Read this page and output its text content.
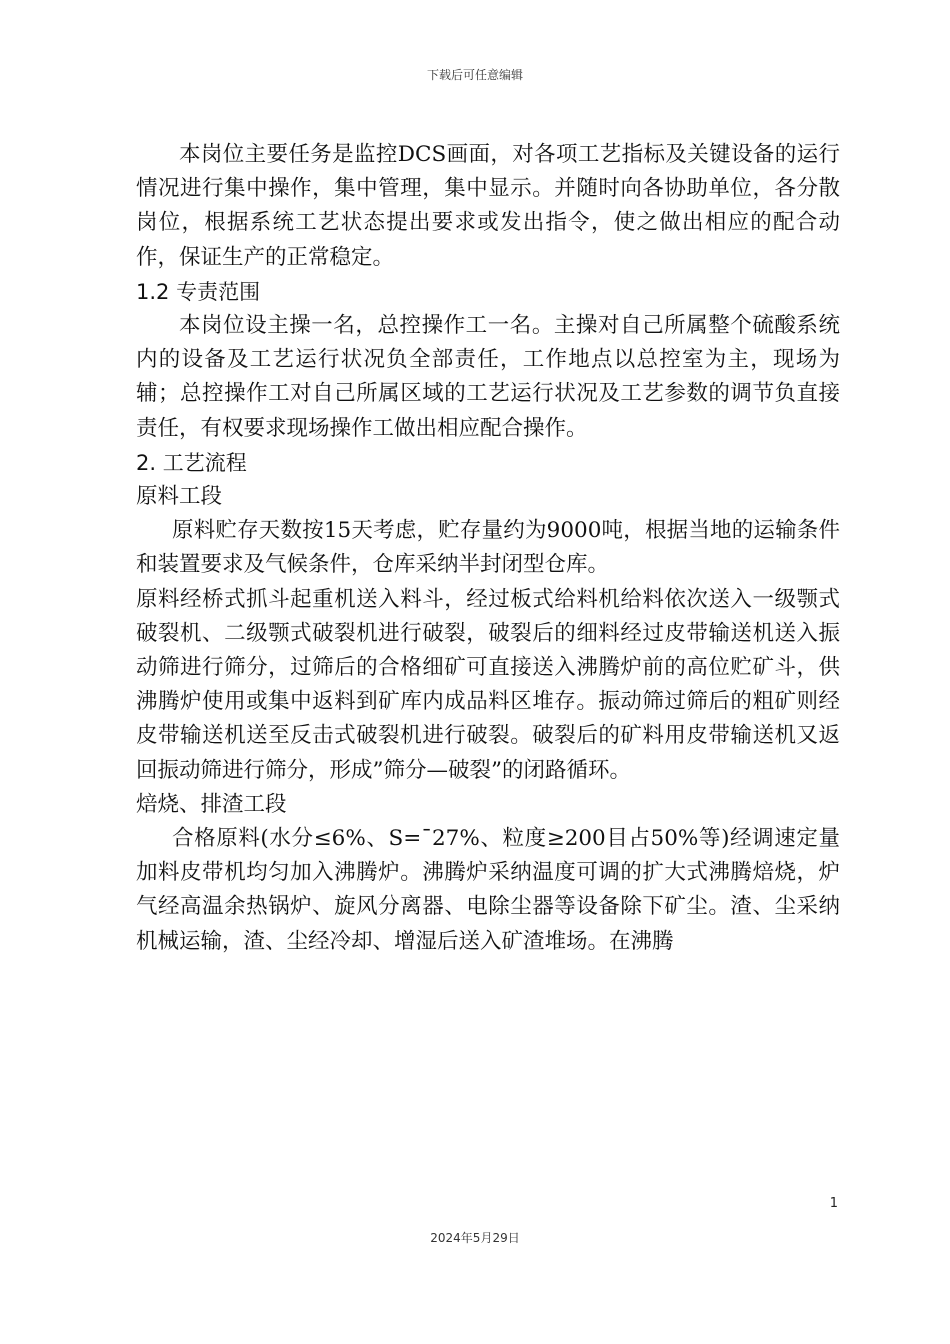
下载后可任意编辑

本岗位主要任务是监控DCS画面，对各项工艺指标及关键设备的运行情况进行集中操作，集中管理，集中显示。并随时向各协助单位，各分散岗位，根据系统工艺状态提出要求或发出指令，使之做出相应的配合动作，保证生产的正常稳定。

1.2 专责范围

本岗位设主操一名，总控操作工一名。主操对自己所属整个硫酸系统内的设备及工艺运行状况负全部责任，工作地点以总控室为主，现场为辅；总控操作工对自己所属区域的工艺运行状况及工艺参数的调节负直接责任，有权要求现场操作工做出相应配合操作。

2. 工艺流程

原料工段

原料贮存天数按15天考虑，贮存量约为9000吨，根据当地的运输条件和装置要求及气候条件，仓库采纳半封闭型仓库。

原料经桥式抓斗起重机送入料斗，经过板式给料机给料依次送入一级颚式破裂机、二级颚式破裂机进行破裂，破裂后的细料经过皮带输送机送入振动筛进行筛分，过筛后的合格细矿可直接送入沸腾炉前的高位贮矿斗，供沸腾炉使用或集中返料到矿库内成品料区堆存。振动筛过筛后的粗矿则经皮带输送机送至反击式破裂机进行破裂。破裂后的矿料用皮带输送机又返回振动筛进行筛分，形成”筛分—破裂”的闭路循环。

焙烧、排渣工段

合格原料(水分≤6%、S=¯27%、粒度≥200目占50%等)经调速定量加料皮带机均匀加入沸腾炉。沸腾炉采纳温度可调的扩大式沸腾焙烧，炉气经高温余热锅炉、旋风分离器、电除尘器等设备除下矿尘。渣、尘采纳机械运输，渣、尘经冷却、增湿后送入矿渣堆场。在沸腾

1
2024年5月29日
